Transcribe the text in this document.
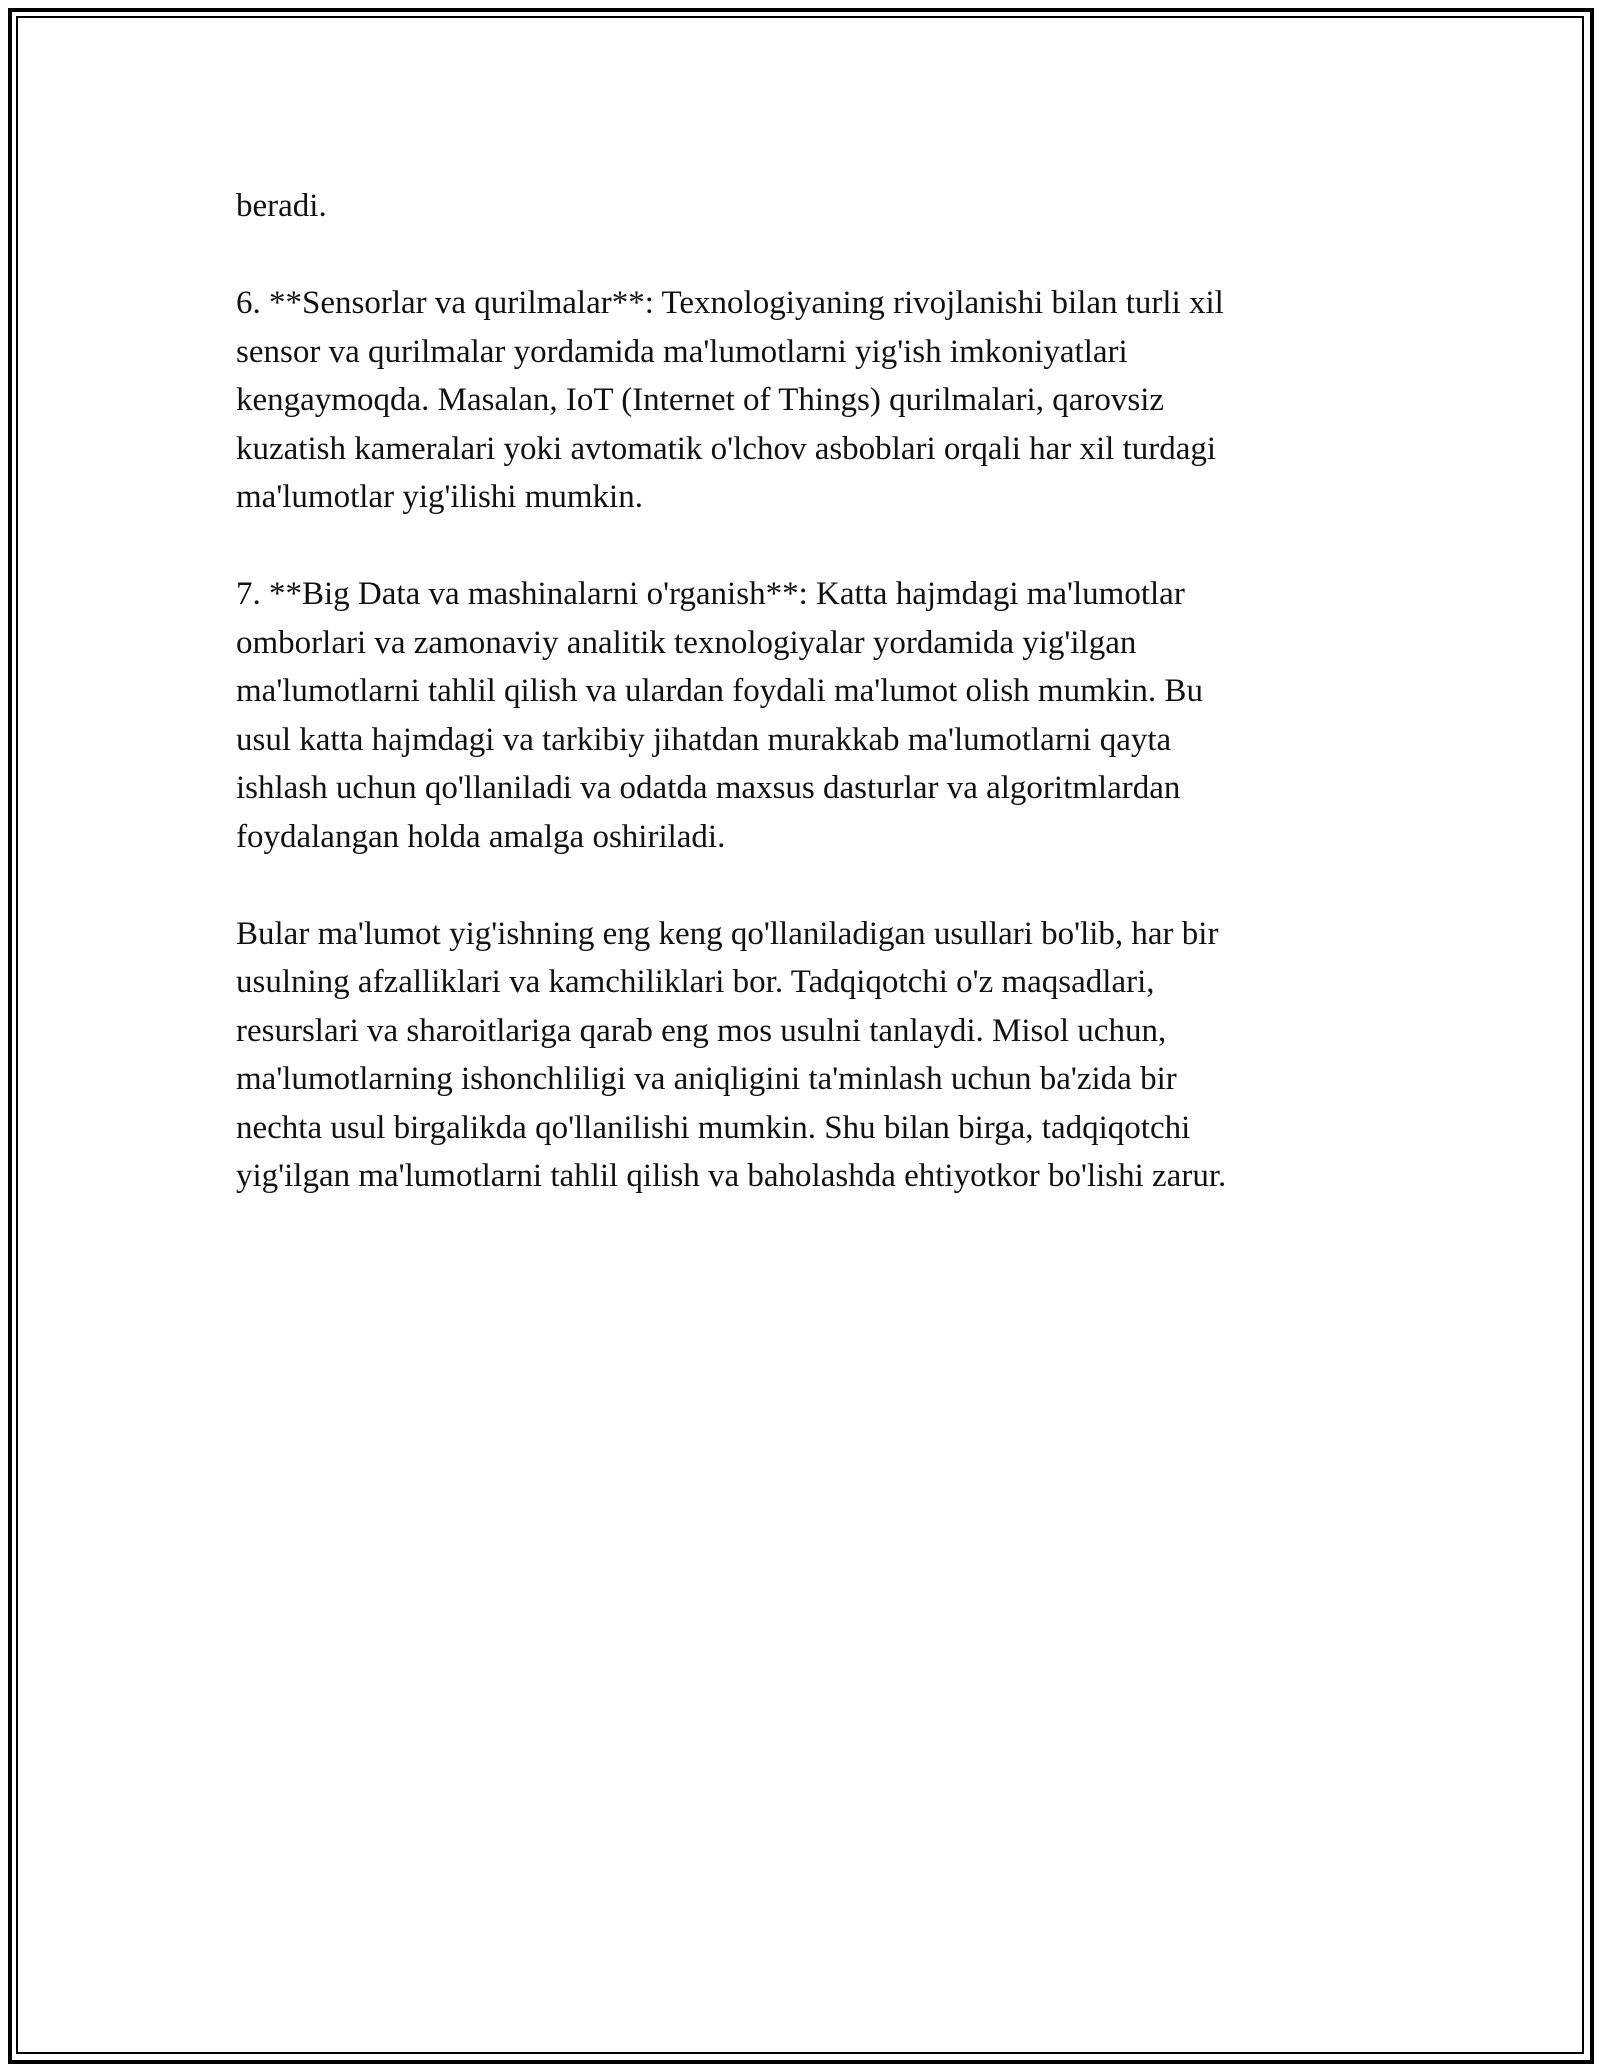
beradi.

6. **Sensorlar va qurilmalar**: Texnologiyaning rivojlanishi bilan turli xil
sensor va qurilmalar yordamida ma'lumotlarni yig'ish imkoniyatlari
kengaymoqda. Masalan, IoT (Internet of Things) qurilmalari, qarovsiz
kuzatish kameralari yoki avtomatik o'lchov asboblari orqali har xil turdagi
ma'lumotlar yig'ilishi mumkin.

7. **Big Data va mashinalarni o'rganish**: Katta hajmdagi ma'lumotlar
omborlari va zamonaviy analitik texnologiyalar yordamida yig'ilgan
ma'lumotlarni tahlil qilish va ulardan foydali ma'lumot olish mumkin. Bu
usul katta hajmdagi va tarkibiy jihatdan murakkab ma'lumotlarni qayta
ishlash uchun qo'llaniladi va odatda maxsus dasturlar va algoritmlardan
foydalangan holda amalga oshiriladi.

Bular ma'lumot yig'ishning eng keng qo'llaniladigan usullari bo'lib, har bir
usulning afzalliklari va kamchiliklari bor. Tadqiqotchi o'z maqsadlari,
resurslari va sharoitlariga qarab eng mos usulni tanlaydi. Misol uchun,
ma'lumotlarning ishonchliligi va aniqligini ta'minlash uchun ba'zida bir
nechta usul birgalikda qo'llanilishi mumkin. Shu bilan birga, tadqiqotchi
yig'ilgan ma'lumotlarni tahlil qilish va baholashda ehtiyotkor bo'lishi zarur.
